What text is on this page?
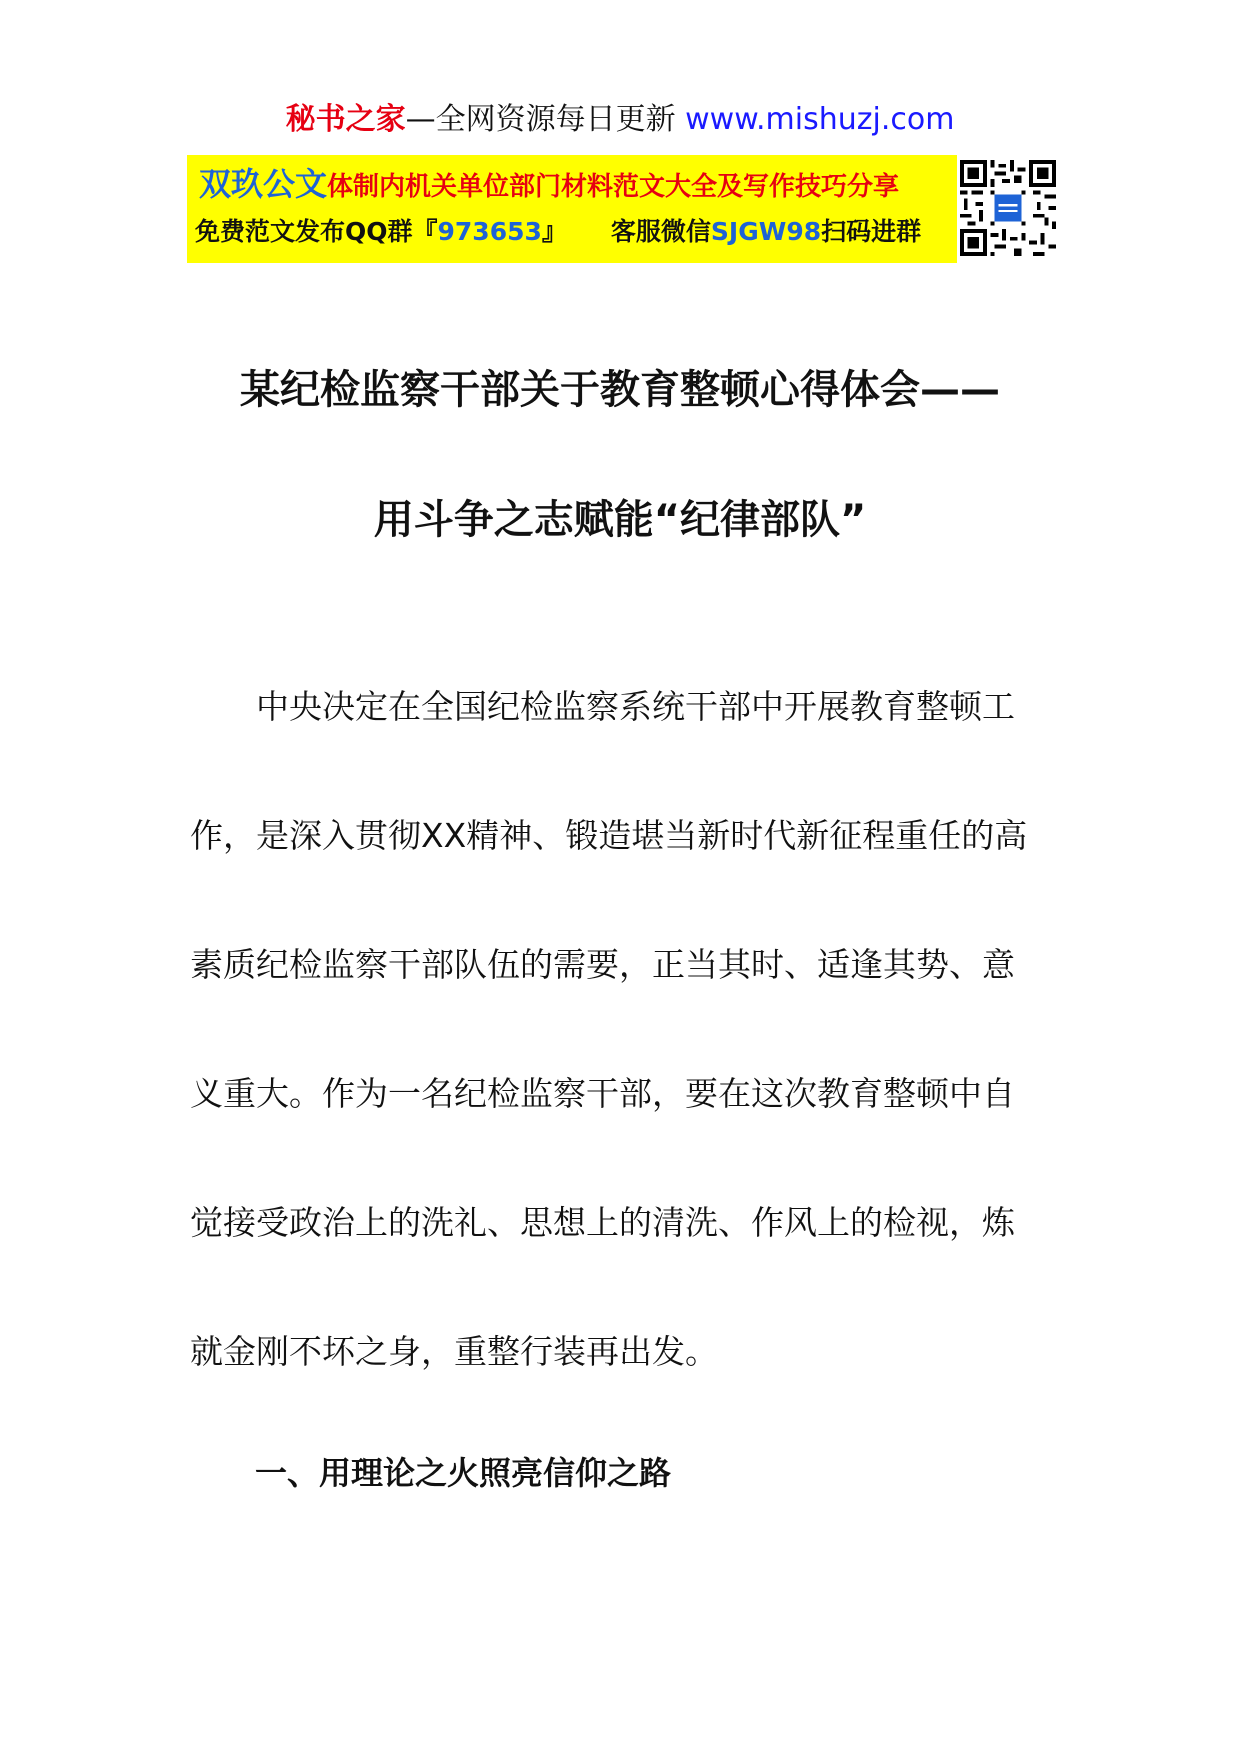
秘书之家—全网资源每日更新 www.mishuzj.com
双玖公文体制内机关单位部门材料范文大全及写作技巧分享
免费范文发布QQ群『973653』 客服微信SJGW98扫码进群
某纪检监察干部关于教育整顿心得体会——
用斗争之志赋能“纪律部队”
　　中央决定在全国纪检监察系统干部中开展教育整顿工
作，是深入贯彻XX精神、锻造堪当新时代新征程重任的高
素质纪检监察干部队伍的需要，正当其时、适逢其势、意
义重大。作为一名纪检监察干部，要在这次教育整顿中自
觉接受政治上的洗礼、思想上的清洗、作风上的检视，炼
就金刚不坏之身，重整行装再出发。
一、用理论之火照亮信仰之路
